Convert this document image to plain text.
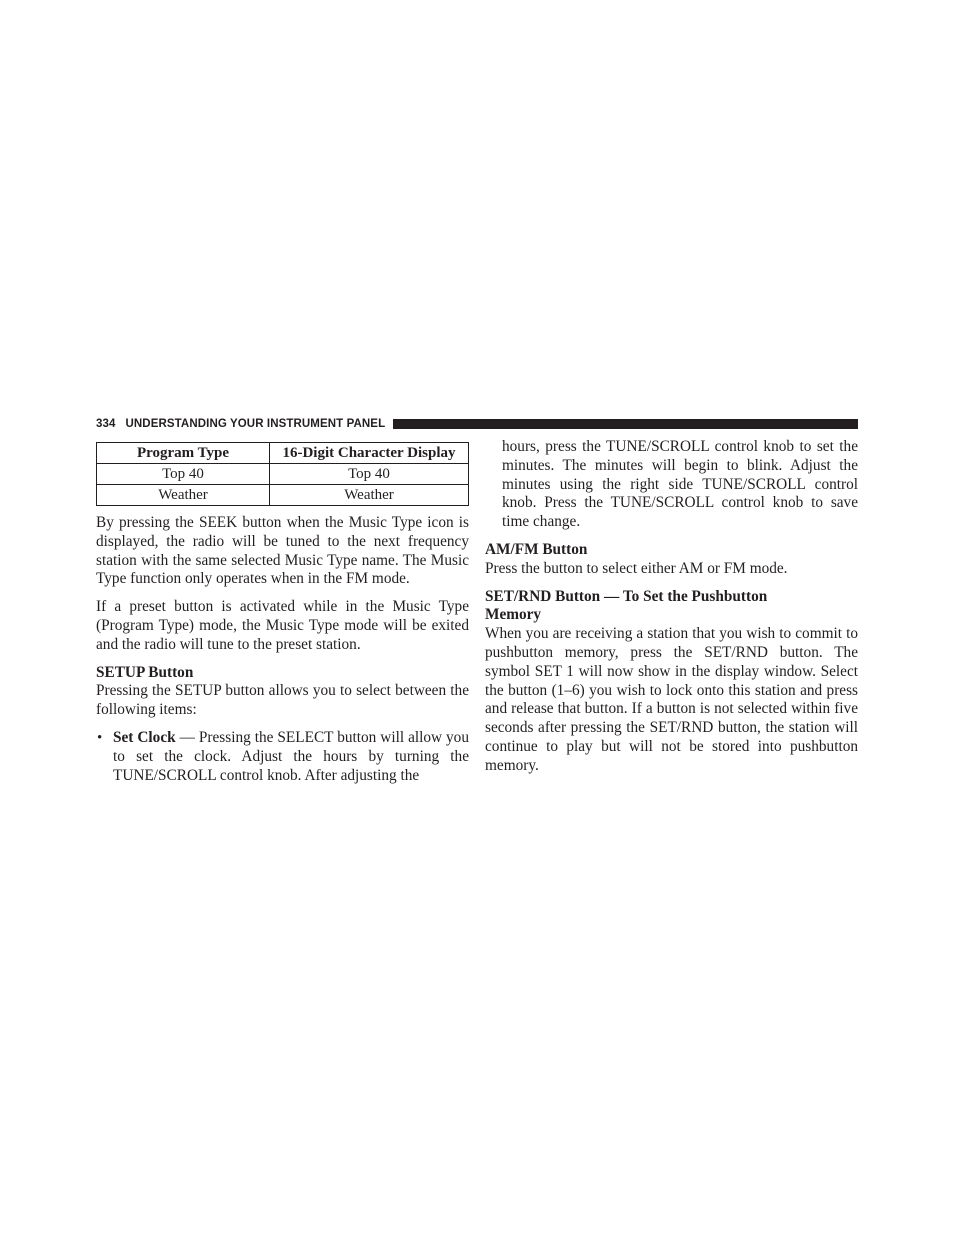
334 UNDERSTANDING YOUR INSTRUMENT PANEL
Program Type	16-Digit Character Display
Top 40	Top 40
Weather	Weather

By pressing the SEEK button when the Music Type icon is displayed, the radio will be tuned to the next frequency station with the same selected Music Type name. The Music Type function only operates when in the FM mode.

If a preset button is activated while in the Music Type (Program Type) mode, the Music Type mode will be exited and the radio will tune to the preset station.

SETUP Button

Pressing the SETUP button allows you to select between the following items:

• Set Clock — Pressing the SELECT button will allow you to set the clock. Adjust the hours by turning the TUNE/SCROLL control knob. After adjusting the

hours, press the TUNE/SCROLL control knob to set the minutes. The minutes will begin to blink. Adjust the minutes using the right side TUNE/SCROLL control knob. Press the TUNE/SCROLL control knob to save time change.

AM/FM Button

Press the button to select either AM or FM mode.

SET/RND Button — To Set the Pushbutton Memory

When you are receiving a station that you wish to commit to pushbutton memory, press the SET/RND button. The symbol SET 1 will now show in the display window. Select the button (1–6) you wish to lock onto this station and press and release that button. If a button is not selected within five seconds after pressing the SET/RND button, the station will continue to play but will not be stored into pushbutton memory.
